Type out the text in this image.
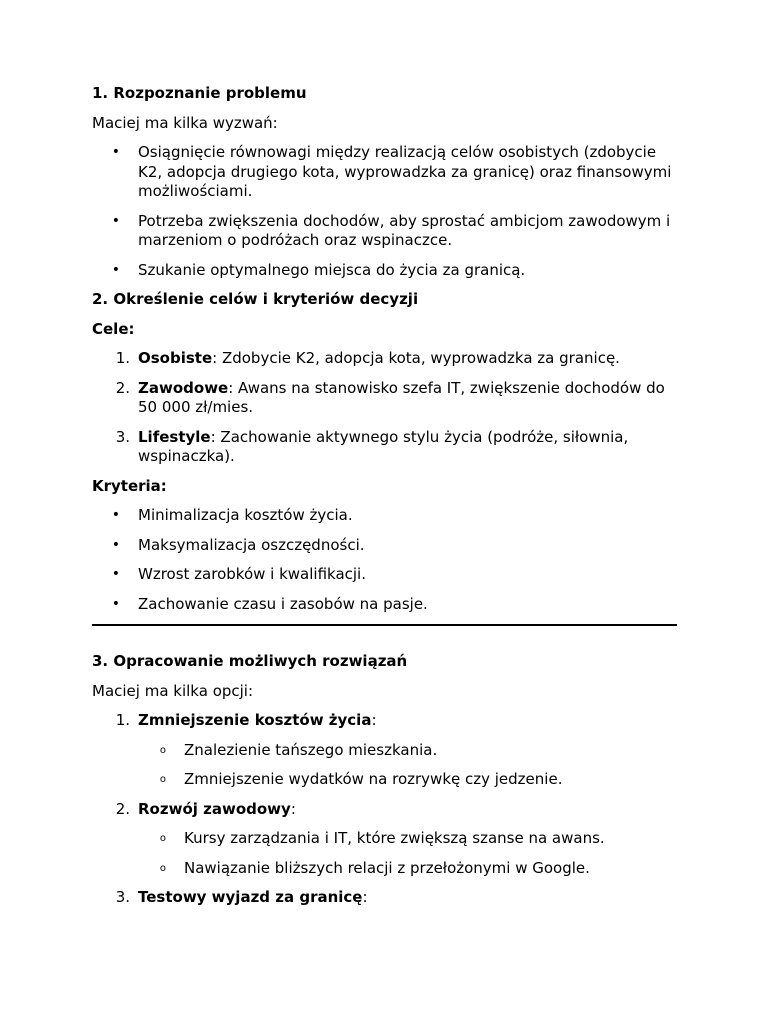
1. Rozpoznanie problemu
Maciej ma kilka wyzwań:
• Osiągnięcie równowagi między realizacją celów osobistych (zdobycie K2, adopcja drugiego kota, wyprowadzka za granicę) oraz finansowymi możliwościami.
• Potrzeba zwiększenia dochodów, aby sprostać ambicjom zawodowym i marzeniom o podróżach oraz wspinaczce.
• Szukanie optymalnego miejsca do życia za granicą.
2. Określenie celów i kryteriów decyzji
Cele:
1. Osobiste: Zdobycie K2, adopcja kota, wyprowadzka za granicę.
2. Zawodowe: Awans na stanowisko szefa IT, zwiększenie dochodów do 50 000 zł/mies.
3. Lifestyle: Zachowanie aktywnego stylu życia (podróże, siłownia, wspinaczka).
Kryteria:
• Minimalizacja kosztów życia.
• Maksymalizacja oszczędności.
• Wzrost zarobków i kwalifikacji.
• Zachowanie czasu i zasobów na pasje.
3. Opracowanie możliwych rozwiązań
Maciej ma kilka opcji:
1. Zmniejszenie kosztów życia:
o Znalezienie tańszego mieszkania.
o Zmniejszenie wydatków na rozrywkę czy jedzenie.
2. Rozwój zawodowy:
o Kursy zarządzania i IT, które zwiększą szanse na awans.
o Nawiązanie bliższych relacji z przełożonymi w Google.
3. Testowy wyjazd za granicę:
